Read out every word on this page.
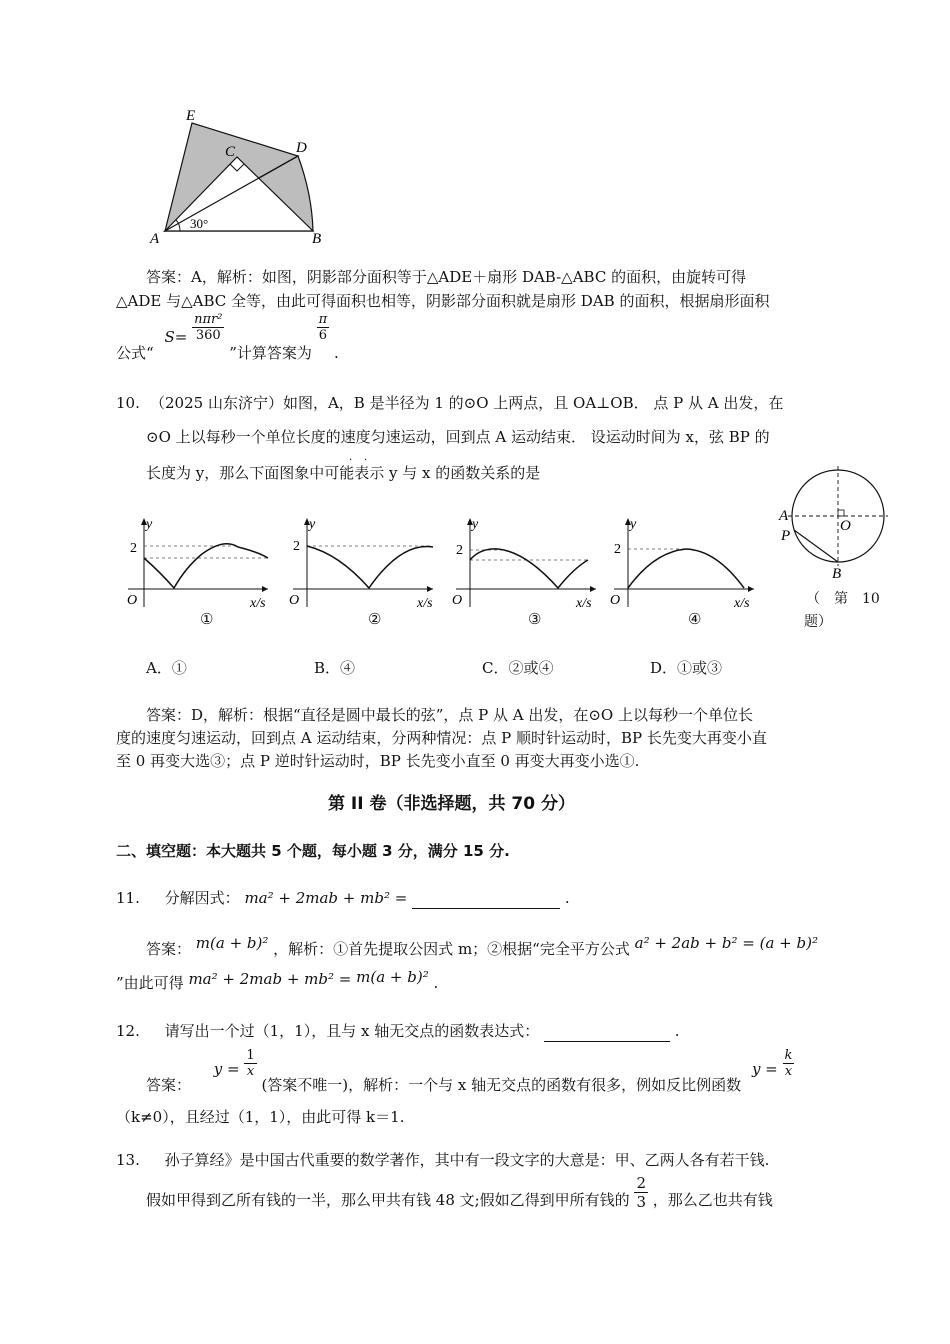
E
D
C
A	B
30°
答案：A，解析：如图，阴影部分面积等于△ADE＋扇形 DAB-△ABC 的面积，由旋转可得
△ADE 与△ABC 全等，由此可得面积也相等，阴影部分面积就是扇形 DAB 的面积，根据扇形面积
公式“ $S= \frac{\text{nπr²}}{360}$
”计算答案为
$\frac{\pi}{6}$
.
10. （2025 山东济宁）如图，A，B 是半径为 1 的⊙O 上两点，且 OA⊥OB． 点 P 从 A 出发，在
⊙O 上以每秒一个单位长度的速度匀速运动，回到点 A 运动结束． 设运动时间为 x，弦 BP 的
长度为 y，那么下面图象中可能表示 y 与 x 的函数关系的是
· ·
y
2
O	x/s
①
y
2
O	x/s
②
y
2
O	x/s
③
y
2
O	x/s
④
A
O
P
B
（　第　10
题）
A．①	B．④	C．②或④	D．①或③
答案：D，解析：根据“直径是圆中最长的弦”，点 P 从 A 出发，在⊙O 上以每秒一个单位长
度的速度匀速运动，回到点 A 运动结束，分两种情况：点 P 顺时针运动时，BP 长先变大再变小直
至 0 再变大选③；点 P 逆时针运动时，BP 长先变小直至 0 再变大再变小选①.
第 II 卷（非选择题，共 70 分）
二、填空题：本大题共 5 个题，每小题 3 分，满分 15 分.
11. 分解因式： ma² + 2mab + mb² =	.
答案： m(a + b)² ，解析：①首先提取公因式 m；②根据“完全平方公式 a² + 2ab + b² = (a + b)²
”由此可得 ma² + 2mab + mb² = m(a + b)² .
12. 请写出一个过（1，1），且与 x 轴无交点的函数表达式：	.
答案： $y = \frac{1}{x}$
(答案不唯一)，解析：一个与 x 轴无交点的函数有很多，例如反比例函数 $y = \frac{k}{x}$
（k≠0），且经过（1，1），由此可得 k＝1.
13. 孙子算经》是中国古代重要的数学著作，其中有一段文字的大意是：甲、乙两人各有若干钱.
假如甲得到乙所有钱的一半，那么甲共有钱 48 文;假如乙得到甲所有钱的 $\frac{2}{3}$ ，那么乙也共有钱
